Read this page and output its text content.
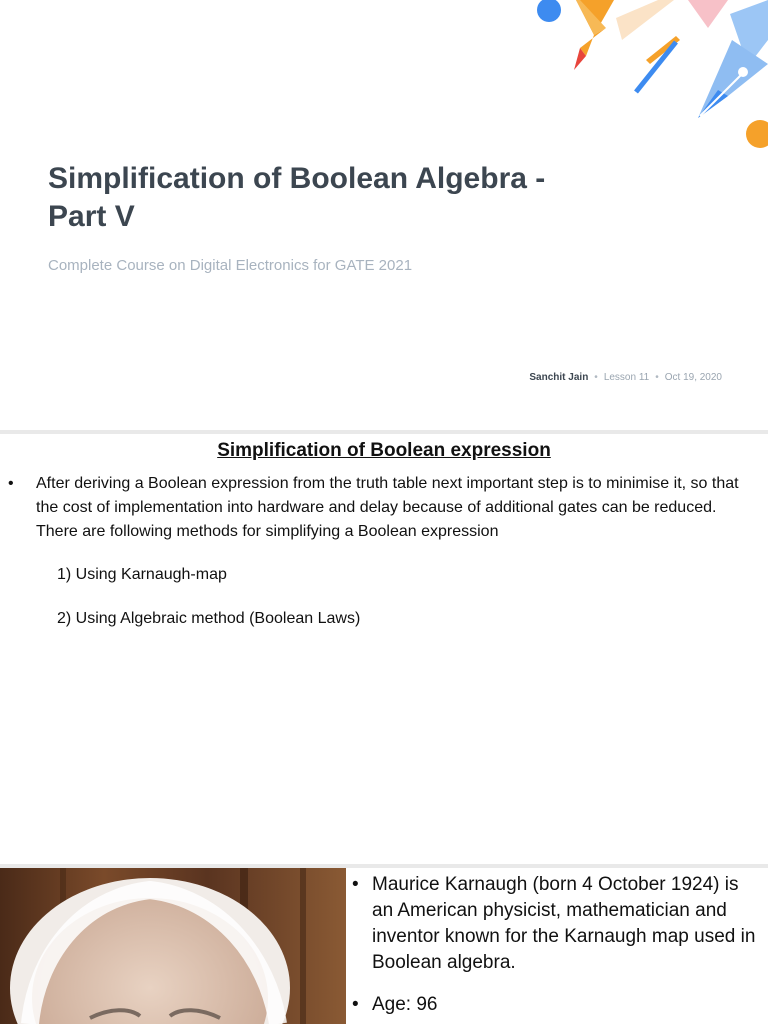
Simplification of Boolean Algebra - Part V

Complete Course on Digital Electronics for GATE 2021

Sanchit Jain • Lesson 11 • Oct 19, 2020
Simplification of Boolean expression
•	After deriving a Boolean expression from the truth table next important step is to minimise it, so that the cost of implementation into hardware and delay because of additional gates can be reduced. There are following methods for simplifying a Boolean expression
1) Using Karnaugh-map
2) Using Algebraic method (Boolean Laws)
• Maurice Karnaugh (born 4 October 1924) is an American physicist, mathematician and inventor known for the Karnaugh map used in Boolean algebra.
• Age: 96
